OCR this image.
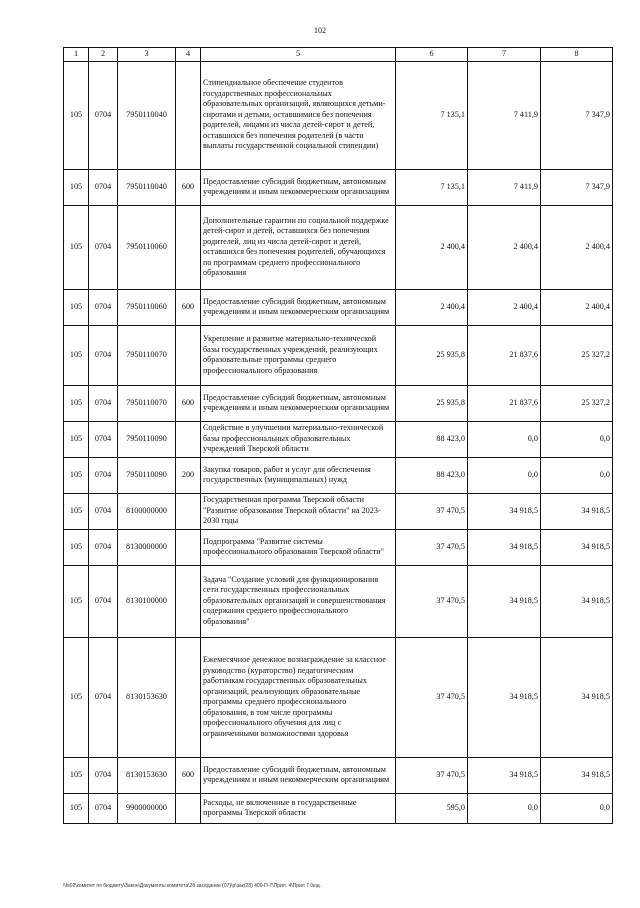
102
1	2	3	4	5	6	7	8
105	0704	7950110040		Стипендиальное обеспечение студентов государственных профессиональных образовательных организаций, являющихся детьми-сиротами и детьми, оставшимися без попечения родителей, лицами из числа детей-сирот и детей, оставшихся без попечения родителей (в части выплаты государственной социальной стипендии)	7 135,1	7 411,9	7 347,9
105	0704	7950110040	600	Предоставление субсидий бюджетным, автономным учреждениям и иным некоммерческим организациям	7 135,1	7 411,9	7 347,9
105	0704	7950110060		Дополнительные гарантии по социальной поддержке детей-сирот и детей, оставшихся без попечения родителей, лиц из числа детей-сирот и детей, оставшихся без попечения родителей, обучающихся по программам среднего профессионального образования	2 400,4	2 400,4	2 400,4
105	0704	7950110060	600	Предоставление субсидий бюджетным, автономным учреждениям и иным некоммерческим организациям	2 400,4	2 400,4	2 400,4
105	0704	7950110070		Укрепление и развитие материально-технической базы государственных учреждений, реализующих образовательные программы среднего профессионального образования	25 935,8	21 837,6	25 327,2
105	0704	7950110070	600	Предоставление субсидий бюджетным, автономным учреждениям и иным некоммерческим организациям	25 935,8	21 837,6	25 327,2
105	0704	7950110090		Содействие в улучшении материально-технической базы профессиональных образовательных учреждений Тверской области	88 423,0	0,0	0,0
105	0704	7950110090	200	Закупка товаров, работ и услуг для обеспечения государственных (муниципальных) нужд	88 423,0	0,0	0,0
105	0704	8100000000		Государственная программа Тверской области "Развитие образования Тверской области" на 2023-2030 годы	37 470,5	34 918,5	34 918,5
105	0704	8130000000		Подпрограмма "Развитие системы профессионального образования Тверской области"	37 470,5	34 918,5	34 918,5
105	0704	8130100000		Задача "Создание условий для функционирования сети государственных профессиональных образовательных организаций и совершенствования содержания среднего профессионального образования"	37 470,5	34 918,5	34 918,5
105	0704	8130153630		Ежемесячное денежное вознаграждение за классное руководство (кураторство) педагогическим работникам государственных образовательных организаций, реализующих образовательные программы среднего профессионального образования, в том числе программы профессионального обучения для лиц с ограниченными возможностями здоровья	37 470,5	34 918,5	34 918,5
105	0704	8130153630	600	Предоставление субсидий бюджетным, автономным учреждениям и иным некоммерческим организациям	37 470,5	34 918,5	34 918,5
105	0704	9900000000		Расходы, не включенные в государственные программы Тверской области	595,0	0,0	0,0
\\fs02\комитет по бюджету\Закон\Документы комитета\28 заседание (07)\р\зак(28) 409-П-7\Прил. 4\Прил 7 бюд.
